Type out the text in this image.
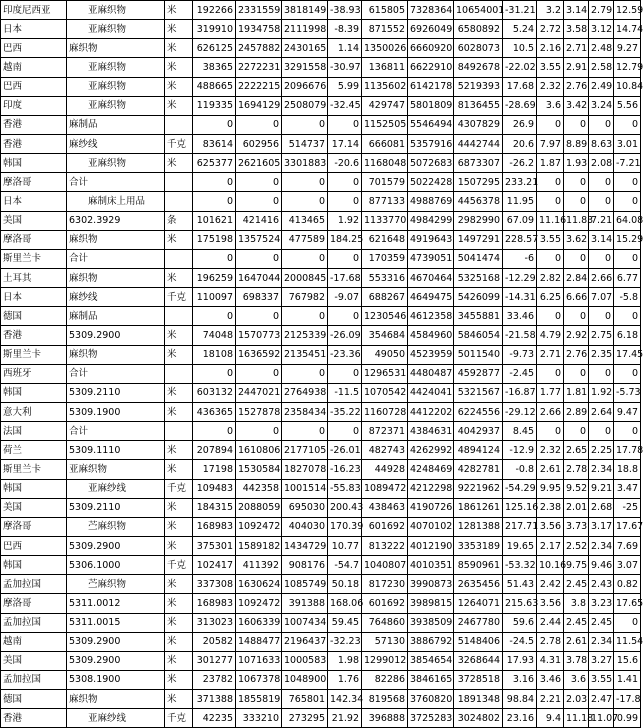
印度尼西亚	　　亚麻织物	米	192266	2331559	3818149	-38.93	615805	7328364	10654001	-31.21	3.2	3.14	2.79	12.59
日本	　　亚麻织物	米	319910	1934758	2111998	-8.39	871552	6926049	6580892	5.24	2.72	3.58	3.12	14.74
巴西	麻织物	米	626125	2457882	2430165	1.14	1350026	6660920	6028073	10.5	2.16	2.71	2.48	9.27
越南	　　亚麻织物	米	38365	2272231	3291558	-30.97	136811	6622910	8492678	-22.02	3.55	2.91	2.58	12.79
巴西	　　亚麻织物	米	488665	2222215	2096676	5.99	1135602	6142178	5219393	17.68	2.32	2.76	2.49	10.84
印度	　　亚麻织物	米	119335	1694129	2508079	-32.45	429747	5801809	8136455	-28.69	3.6	3.42	3.24	5.56
香港	麻制品		0	0	0	0	1152505	5546494	4307829	26.9	0	0	0	0
香港	麻纱线	千克	83614	602956	514737	17.14	666081	5357916	4442744	20.6	7.97	8.89	8.63	3.01
韩国	　　亚麻织物	米	625377	2621605	3301883	-20.6	1168048	5072683	6873307	-26.2	1.87	1.93	2.08	-7.21
摩洛哥	合计		0	0	0	0	701579	5022428	1507295	233.21	0	0	0	0
日本	　　麻制床上用品		0	0	0	0	877133	4988769	4456378	11.95	0	0	0	0
美国	6302.3929	条	101621	421416	413465	1.92	1133770	4984299	2982990	67.09	11.16	11.83	7.21	64.08
摩洛哥	麻织物	米	175198	1357524	477589	184.25	621648	4919643	1497291	228.57	3.55	3.62	3.14	15.29
斯里兰卡	合计		0	0	0	0	170359	4739051	5041474	-6	0	0	0	0
土耳其	麻织物	米	196259	1647044	2000845	-17.68	553316	4670464	5325168	-12.29	2.82	2.84	2.66	6.77
日本	麻纱线	千克	110097	698337	767982	-9.07	688267	4649475	5426099	-14.31	6.25	6.66	7.07	-5.8
德国	麻制品		0	0	0	0	1230546	4612358	3455881	33.46	0	0	0	0
香港	5309.2900	米	74048	1570773	2125339	-26.09	354684	4584960	5846054	-21.58	4.79	2.92	2.75	6.18
斯里兰卡	麻织物	米	18108	1636592	2135451	-23.36	49050	4523959	5011540	-9.73	2.71	2.76	2.35	17.45
西班牙	合计		0	0	0	0	1296531	4480487	4592877	-2.45	0	0	0	0
韩国	5309.2110	米	603132	2447021	2764938	-11.5	1070542	4424041	5321567	-16.87	1.77	1.81	1.92	-5.73
意大利	5309.1900	米	436365	1527878	2358434	-35.22	1160728	4412202	6224556	-29.12	2.66	2.89	2.64	9.47
法国	合计		0	0	0	0	872371	4384631	4042937	8.45	0	0	0	0
荷兰	5309.1110	米	207894	1610806	2177105	-26.01	482743	4262992	4894124	-12.9	2.32	2.65	2.25	17.78
斯里兰卡	亚麻织物	米	17198	1530584	1827078	-16.23	44928	4248469	4282781	-0.8	2.61	2.78	2.34	18.8
韩国	　　亚麻纱线	千克	109483	442358	1001514	-55.83	1089472	4212298	9221962	-54.29	9.95	9.52	9.21	3.47
美国	5309.2110	米	184315	2088059	695030	200.43	438463	4190726	1861261	125.16	2.38	2.01	2.68	-25
摩洛哥	　　苎麻织物	米	168983	1092472	404030	170.39	601692	4070102	1281388	217.71	3.56	3.73	3.17	17.67
巴西	5309.2900	米	375301	1589182	1434729	10.77	813222	4012190	3353189	19.65	2.17	2.52	2.34	7.69
韩国	5306.1000	千克	102417	411392	908176	-54.7	1040807	4010351	8590961	-53.32	10.16	9.75	9.46	3.07
孟加拉国	　　苎麻织物	米	337308	1630624	1085749	50.18	817230	3990873	2635456	51.43	2.42	2.45	2.43	0.82
摩洛哥	5311.0012	米	168983	1092472	391388	168.06	601692	3989815	1264071	215.63	3.56	3.8	3.23	17.65
孟加拉国	5311.0015	米	313023	1606339	1007434	59.45	764860	3938509	2467780	59.6	2.44	2.45	2.45	0
越南	5309.2900	米	20582	1488477	2196437	-32.23	57130	3886792	5148406	-24.5	2.78	2.61	2.34	11.54
美国	5309.2900	米	301277	1071633	1000583	1.98	1299012	3854654	3268644	17.93	4.31	3.78	3.27	15.6
孟加拉国	5308.1900	米	23782	1067378	1048900	1.76	82286	3846165	3728518	3.16	3.46	3.6	3.55	1.41
德国	麻织物	米	371388	1855819	765801	142.34	819568	3760820	1891348	98.84	2.21	2.03	2.47	-17.8
香港	　　亚麻纱线	千克	42235	333210	273295	21.92	396888	3725283	3024802	23.16	9.4	11.18	11.07	0.99
